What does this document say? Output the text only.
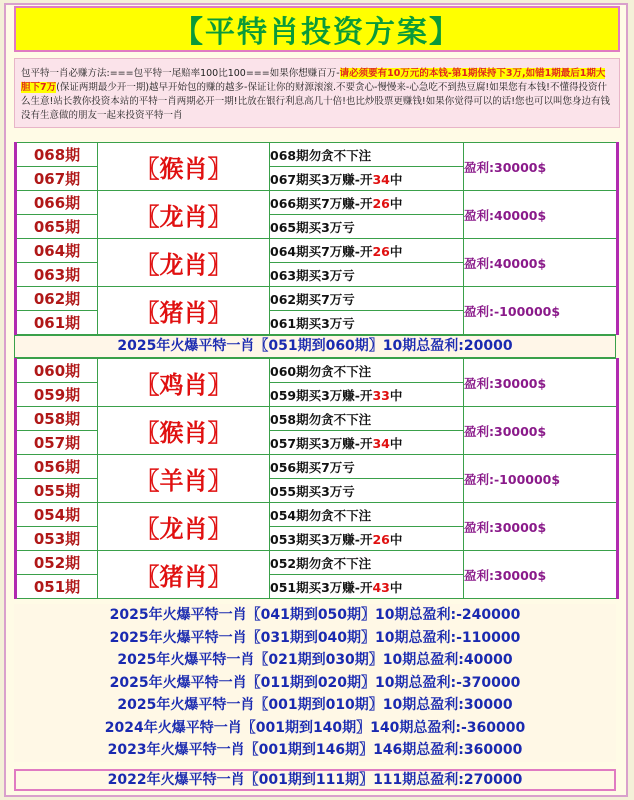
【平特肖投资方案】
包平特一肖必赚方法:===包平特一尾赔率100比100===如果你想赚百万-请必须要有10万元的本钱-第1期保持下3万,如错1期最后1期大胆下7万(保证两期最少开一期)越早开始包的赚的越多-保证让你的财源滚滚.不要贪心-慢慢来-心急吃不到热豆腐!如果您有本钱!不懂得投资什么生意!站长教你投资本站的平特一肖两期必开一期!比放在银行利息高几十倍!也比炒股票更赚钱!如果你觉得可以的话!您也可以叫您身边有钱没有生意做的朋友一起来投资平特一肖
068期	〖猴肖〗	068期勿贪不下注	盈利:30000$
067期		067期买3万赚-开34中	
066期	〖龙肖〗	066期买7万赚-开26中	盈利:40000$
065期		065期买3万亏	
064期	〖龙肖〗	064期买7万赚-开26中	盈利:40000$
063期		063期买3万亏	
062期	〖猪肖〗	062期买7万亏	盈利:-100000$
061期		061期买3万亏	
2025年火爆平特一肖〖051期到060期〗10期总盈利:20000
060期	〖鸡肖〗	060期勿贪不下注	盈利:30000$
059期		059期买3万赚-开33中	
058期	〖猴肖〗	058期勿贪不下注	盈利:30000$
057期		057期买3万赚-开34中	
056期	〖羊肖〗	056期买7万亏	盈利:-100000$
055期		055期买3万亏	
054期	〖龙肖〗	054期勿贪不下注	盈利:30000$
053期		053期买3万赚-开26中	
052期	〖猪肖〗	052期勿贪不下注	盈利:30000$
051期		051期买3万赚-开43中	
2025年火爆平特一肖〖041期到050期〗10期总盈利:-240000
2025年火爆平特一肖〖031期到040期〗10期总盈利:-110000
2025年火爆平特一肖〖021期到030期〗10期总盈利:40000
2025年火爆平特一肖〖011期到020期〗10期总盈利:-370000
2025年火爆平特一肖〖001期到010期〗10期总盈利:30000
2024年火爆平特一肖〖001期到140期〗140期总盈利:-360000
2023年火爆平特一肖〖001期到146期〗146期总盈利:360000
2022年火爆平特一肖〖001期到111期〗111期总盈利:270000
